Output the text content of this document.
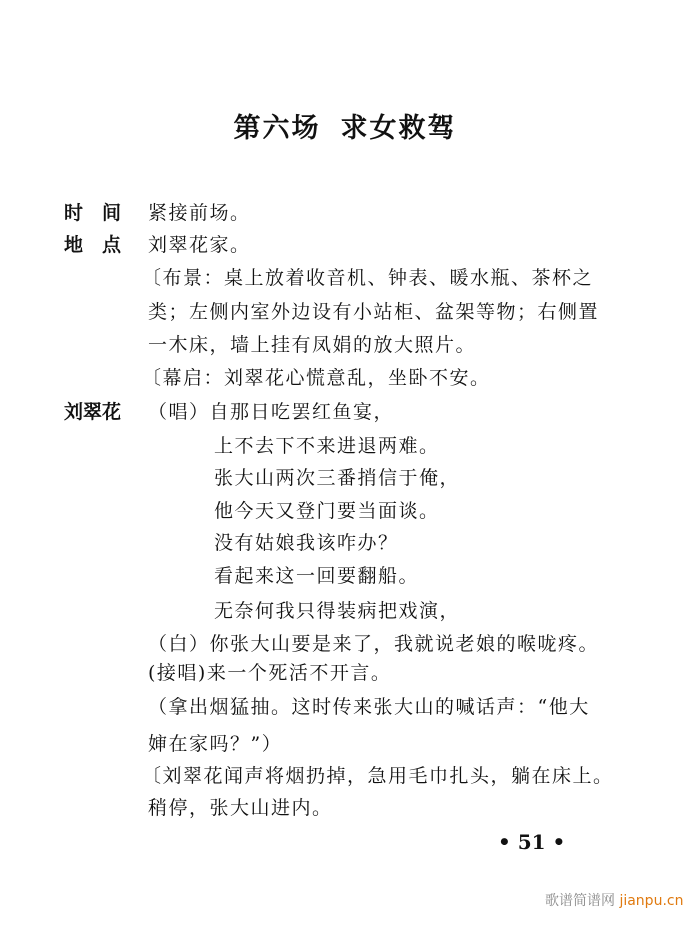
第六场 求女救驾
时　间 紧接前场。
地　点 刘翠花家。
〔布景：桌上放着收音机、钟表、暖水瓶、茶杯之
类；左侧内室外边设有小站柜、盆架等物；右侧置
一木床，墙上挂有凤娟的放大照片。
〔幕启：刘翠花心慌意乱，坐卧不安。
刘翠花 （唱）自那日吃罢红鱼宴，
上不去下不来进退两难。
张大山两次三番捎信于俺，
他今天又登门要当面谈。
没有姑娘我该咋办？
看起来这一回要翻船。
无奈何我只得装病把戏演，
（白）你张大山要是来了，我就说老娘的喉咙疼。
(接唱)来一个死活不开言。
（拿出烟猛抽。这时传来张大山的喊话声：“他大
婶在家吗？”）
〔刘翠花闻声将烟扔掉，急用毛巾扎头，躺在床上。
稍停，张大山进内。
• 51 •
歌谱简谱网 jianpu.cn
